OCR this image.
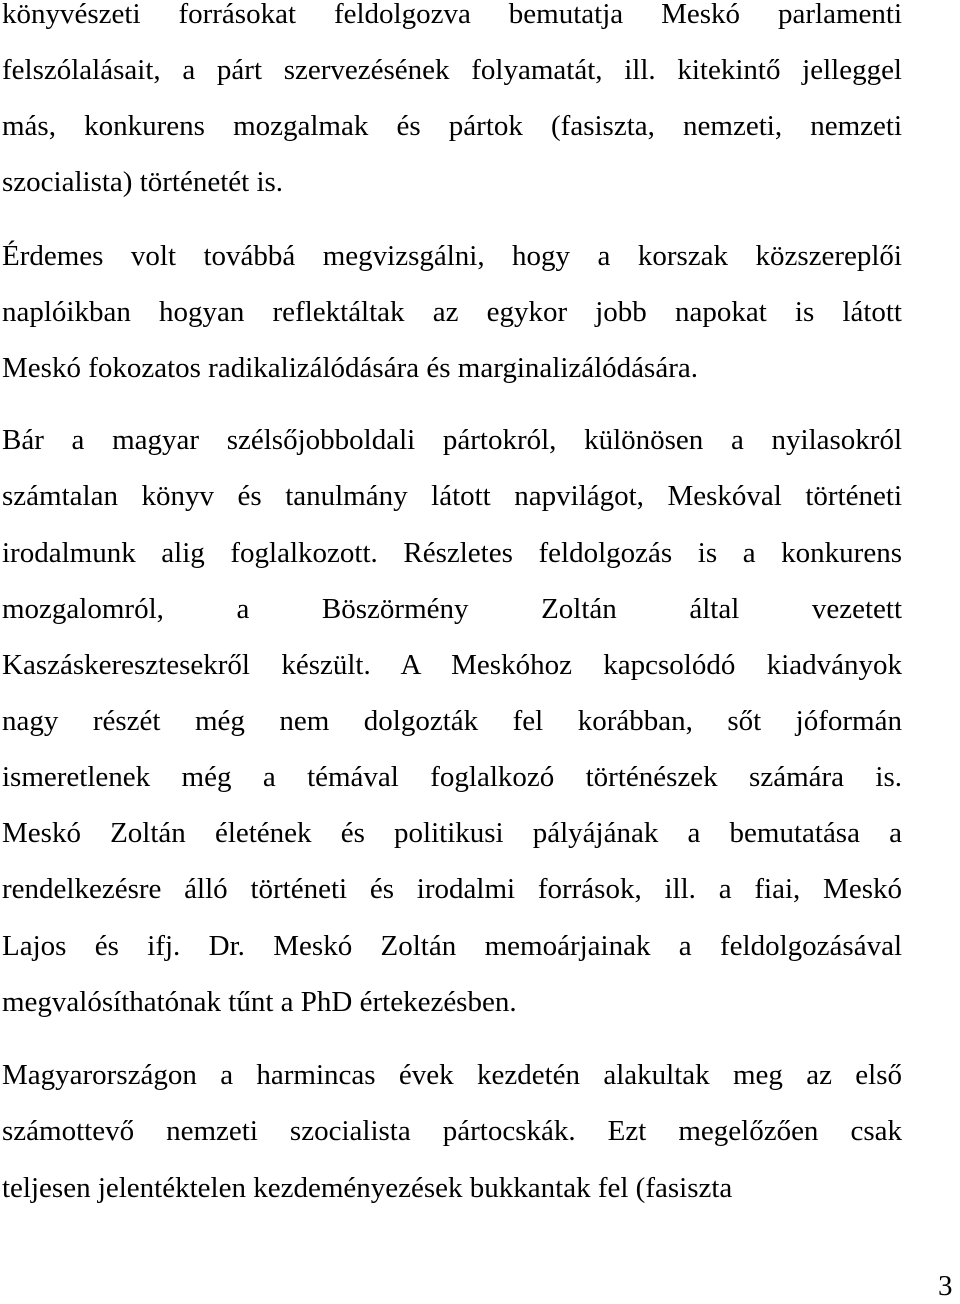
könyvészeti forrásokat feldolgozva bemutatja Meskó parlamenti

felszólalásait, a párt szervezésének folyamatát, ill. kitekintő jelleggel

más, konkurens mozgalmak és pártok (fasiszta, nemzeti, nemzeti

szocialista) történetét is.

Érdemes volt továbbá megvizsgálni, hogy a korszak közszereplői

naplóikban hogyan reflektáltak az egykor jobb napokat is látott

Meskó fokozatos radikalizálódására és marginalizálódására.

Bár a magyar szélsőjobboldali pártokról, különösen a nyilasokról

számtalan könyv és tanulmány látott napvilágot, Meskóval történeti

irodalmunk alig foglalkozott. Részletes feldolgozás is a konkurens

mozgalomról, a Böszörmény Zoltán által vezetett

Kaszáskeresztesekről készült. A Meskóhoz kapcsolódó kiadványok

nagy részét még nem dolgozták fel korábban, sőt jóformán

ismeretlenek még a témával foglalkozó történészek számára is.

Meskó Zoltán életének és politikusi pályájának a bemutatása a

rendelkezésre álló történeti és irodalmi források, ill. a fiai, Meskó

Lajos és ifj. Dr. Meskó Zoltán memoárjainak a feldolgozásával

megvalósíthatónak tűnt a PhD értekezésben.

Magyarországon a harmincas évek kezdetén alakultak meg az első

számottevő nemzeti szocialista pártocskák. Ezt megelőzően csak

teljesen jelentéktelen kezdeményezések bukkantak fel (fasiszta

3
